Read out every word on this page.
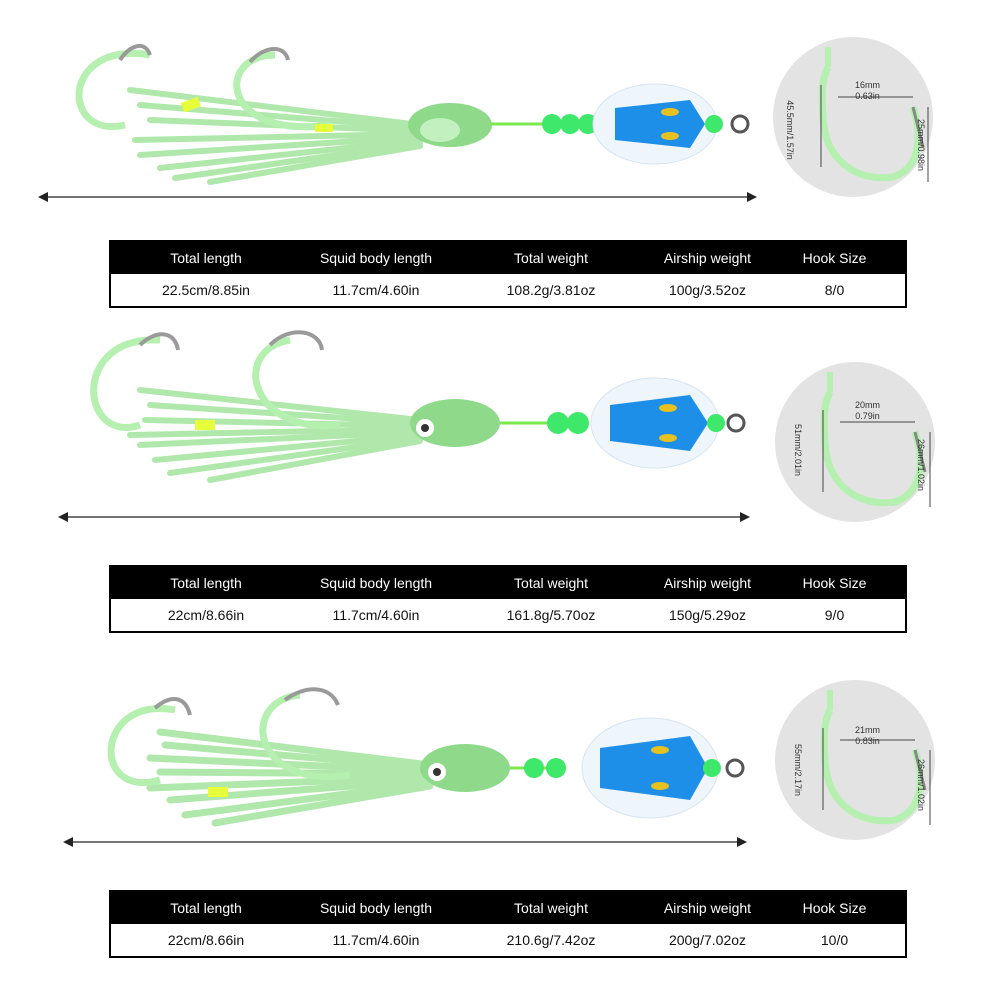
16mm
0.63in
45.5mm/1.57in	25mm/0.98in
Total length	Squid body length	Total weight	Airship weight	Hook Size
22.5cm/8.85in	11.7cm/4.60in	108.2g/3.81oz	100g/3.52oz	8/0
20mm
0.79in
51mm/2.01in	26mm/1.02in
Total length	Squid body length	Total weight	Airship weight	Hook Size
22cm/8.66in	11.7cm/4.60in	161.8g/5.70oz	150g/5.29oz	9/0
21mm
0.83in
55mm/2.17in	26mm/1.02in
Total length	Squid body length	Total weight	Airship weight	Hook Size
22cm/8.66in	11.7cm/4.60in	210.6g/7.42oz	200g/7.02oz	10/0
